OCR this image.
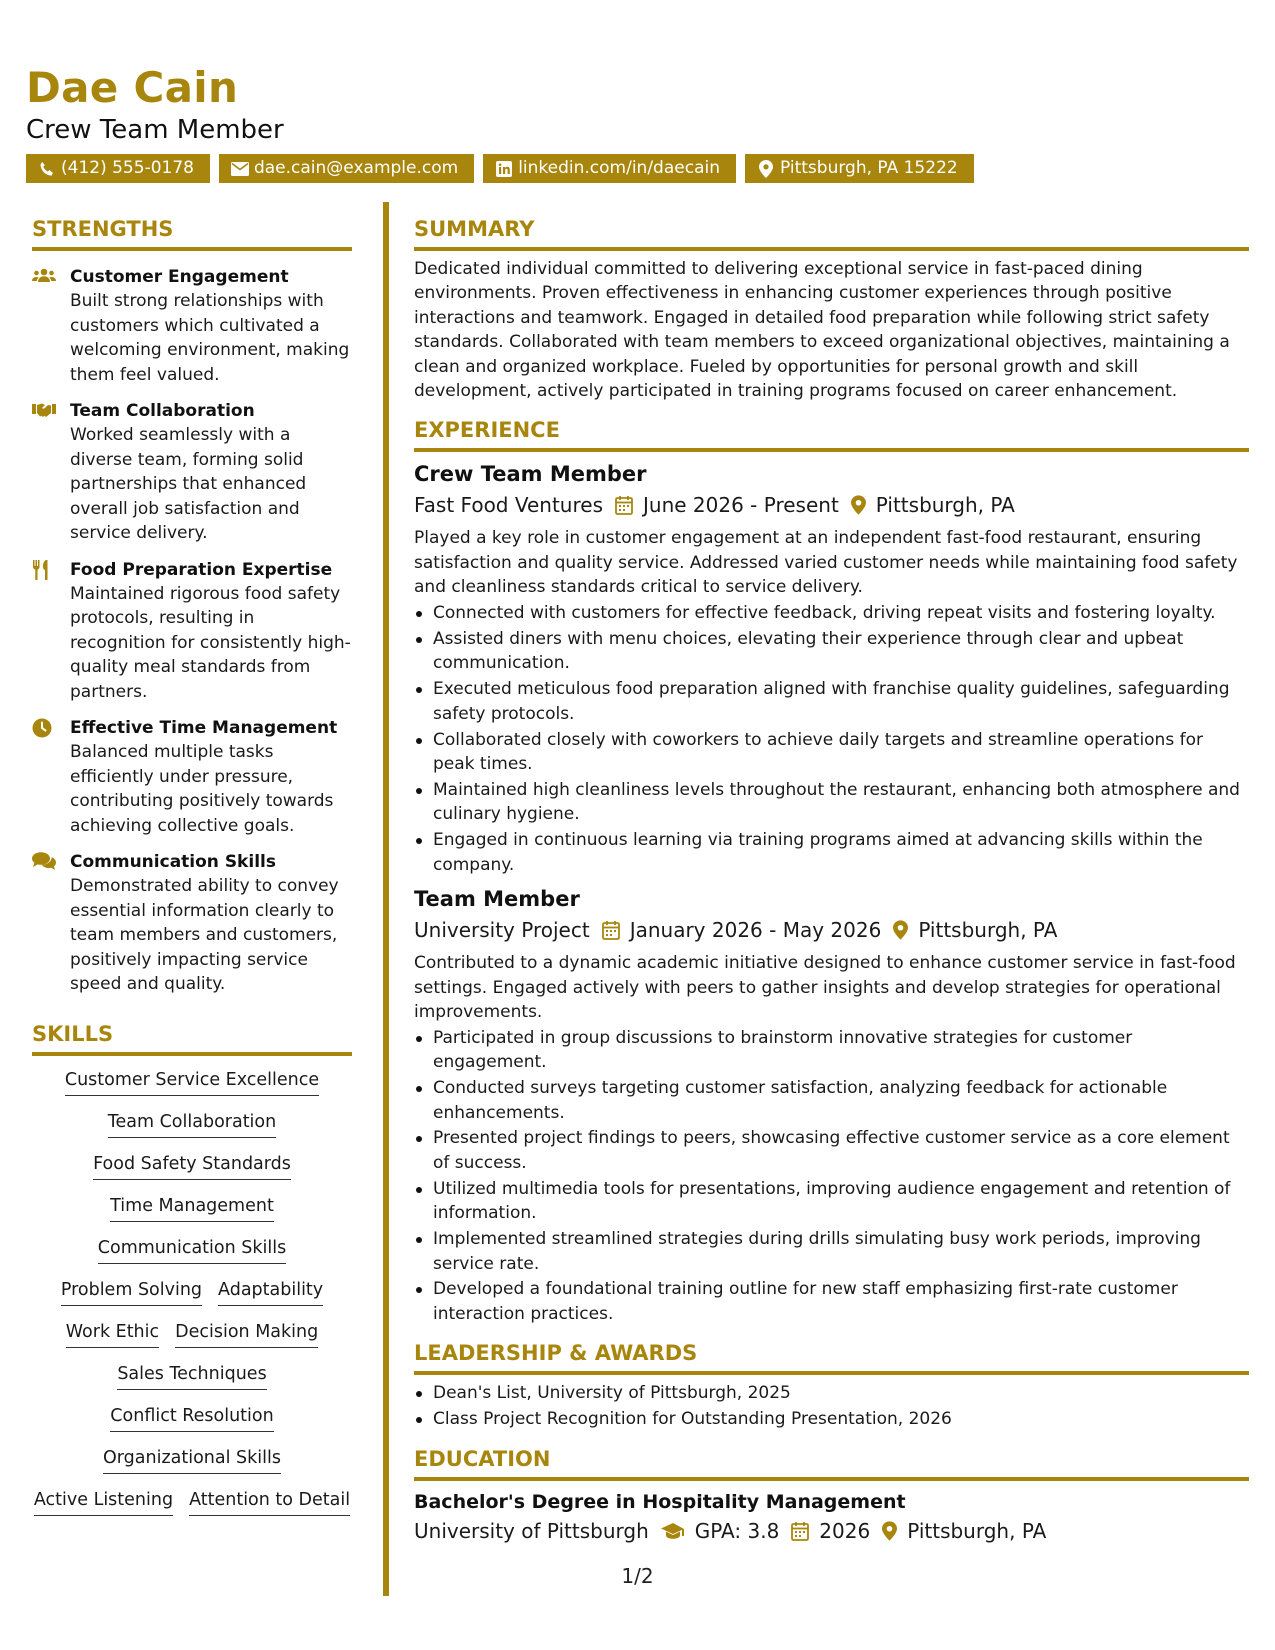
Dae Cain
Crew Team Member
(412) 555-0178	dae.cain@example.com	linkedin.com/in/daecain	Pittsburgh, PA 15222
STRENGTHS
Customer Engagement
Built strong relationships with customers which cultivated a welcoming environment, making them feel valued.
Team Collaboration
Worked seamlessly with a diverse team, forming solid partnerships that enhanced overall job satisfaction and service delivery.
Food Preparation Expertise
Maintained rigorous food safety protocols, resulting in recognition for consistently high-quality meal standards from partners.
Effective Time Management
Balanced multiple tasks efficiently under pressure, contributing positively towards achieving collective goals.
Communication Skills
Demonstrated ability to convey essential information clearly to team members and customers, positively impacting service speed and quality.
SKILLS
Customer Service Excellence
Team Collaboration
Food Safety Standards
Time Management
Communication Skills
Problem Solving Adaptability
Work Ethic Decision Making
Sales Techniques
Conflict Resolution
Organizational Skills
Active Listening Attention to Detail
SUMMARY
Dedicated individual committed to delivering exceptional service in fast-paced dining environments. Proven effectiveness in enhancing customer experiences through positive interactions and teamwork. Engaged in detailed food preparation while following strict safety standards. Collaborated with team members to exceed organizational objectives, maintaining a clean and organized workplace. Fueled by opportunities for personal growth and skill development, actively participated in training programs focused on career enhancement.
EXPERIENCE
Crew Team Member
Fast Food Ventures June 2026 - Present Pittsburgh, PA
Played a key role in customer engagement at an independent fast-food restaurant, ensuring satisfaction and quality service. Addressed varied customer needs while maintaining food safety and cleanliness standards critical to service delivery.
Connected with customers for effective feedback, driving repeat visits and fostering loyalty.
Assisted diners with menu choices, elevating their experience through clear and upbeat communication.
Executed meticulous food preparation aligned with franchise quality guidelines, safeguarding safety protocols.
Collaborated closely with coworkers to achieve daily targets and streamline operations for peak times.
Maintained high cleanliness levels throughout the restaurant, enhancing both atmosphere and culinary hygiene.
Engaged in continuous learning via training programs aimed at advancing skills within the company.
Team Member
University Project January 2026 - May 2026 Pittsburgh, PA
Contributed to a dynamic academic initiative designed to enhance customer service in fast-food settings. Engaged actively with peers to gather insights and develop strategies for operational improvements.
Participated in group discussions to brainstorm innovative strategies for customer engagement.
Conducted surveys targeting customer satisfaction, analyzing feedback for actionable enhancements.
Presented project findings to peers, showcasing effective customer service as a core element of success.
Utilized multimedia tools for presentations, improving audience engagement and retention of information.
Implemented streamlined strategies during drills simulating busy work periods, improving service rate.
Developed a foundational training outline for new staff emphasizing first-rate customer interaction practices.
LEADERSHIP & AWARDS
Dean's List, University of Pittsburgh, 2025
Class Project Recognition for Outstanding Presentation, 2026
EDUCATION
Bachelor's Degree in Hospitality Management
University of Pittsburgh GPA: 3.8 2026 Pittsburgh, PA
1/2
